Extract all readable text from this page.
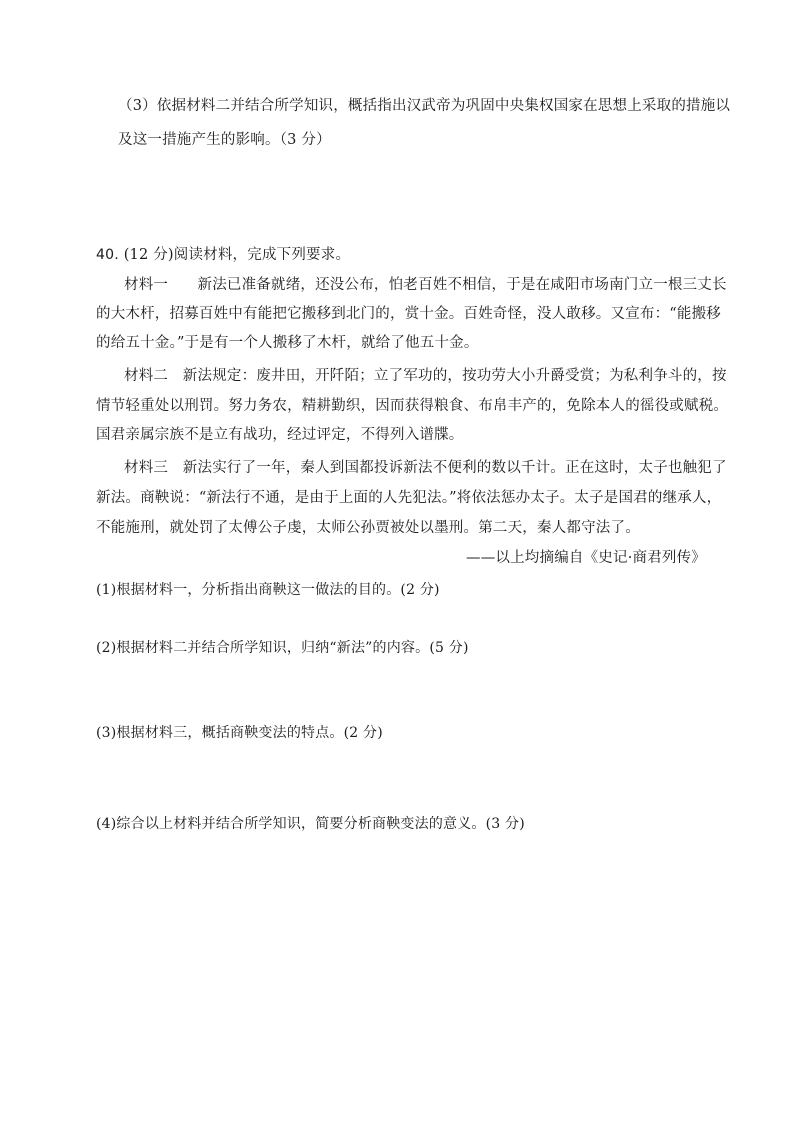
（3）依据材料二并结合所学知识，概括指出汉武帝为巩固中央集权国家在思想上采取的措施以
及这一措施产生的影响。（3 分）
40. (12 分)阅读材料，完成下列要求。
材料一　　新法已准备就绪，还没公布，怕老百姓不相信，于是在咸阳市场南门立一根三丈长
的大木杆，招募百姓中有能把它搬移到北门的，赏十金。百姓奇怪，没人敢移。又宣布：“能搬移
的给五十金。”于是有一个人搬移了木杆，就给了他五十金。
材料二　新法规定：废井田，开阡陌；立了军功的，按功劳大小升爵受赏；为私利争斗的，按
情节轻重处以刑罚。努力务农，精耕勤织，因而获得粮食、布帛丰产的，免除本人的徭役或赋税。
国君亲属宗族不是立有战功，经过评定，不得列入谱牒。
材料三　新法实行了一年，秦人到国都投诉新法不便利的数以千计。正在这时，太子也触犯了
新法。商鞅说：“新法行不通，是由于上面的人先犯法。”将依法惩办太子。太子是国君的继承人，
不能施刑，就处罚了太傅公子虔，太师公孙贾被处以墨刑。第二天，秦人都守法了。
——以上均摘编自《史记·商君列传》
(1)根据材料一，分析指出商鞅这一做法的目的。(2 分)
(2)根据材料二并结合所学知识，归纳“新法”的内容。(5 分)
(3)根据材料三，概括商鞅变法的特点。(2 分)
(4)综合以上材料并结合所学知识，简要分析商鞅变法的意义。(3 分)
